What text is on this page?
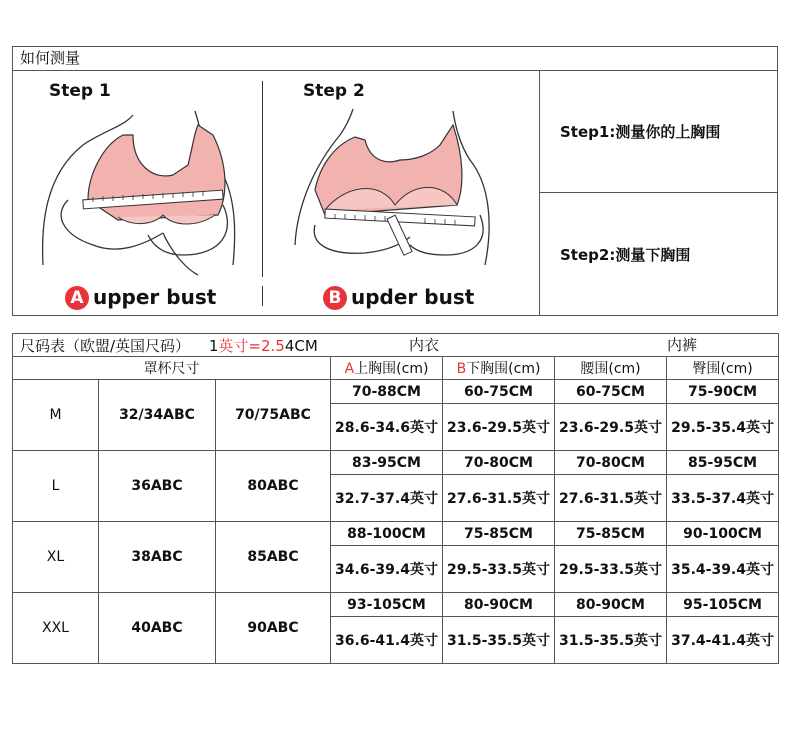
如何测量
Step 1
A upper bust
Step 2
B upder bust
Step1:测量你的上胸围
Step2:测量下胸围
尺码表（欧盟/英国尺码） 1英寸=2.54CM 内衣 内裤						

罩杯尺寸			A上胸围(cm)	B下胸围(cm)	腰围(cm)	臀围(cm)
M	32/34ABC	70/75ABC	70-88CM	60-75CM	60-75CM	75-90CM
			28.6-34.6英寸	23.6-29.5英寸	23.6-29.5英寸	29.5-35.4英寸
L	36ABC	80ABC	83-95CM	70-80CM	70-80CM	85-95CM
			32.7-37.4英寸	27.6-31.5英寸	27.6-31.5英寸	33.5-37.4英寸
XL	38ABC	85ABC	88-100CM	75-85CM	75-85CM	90-100CM
			34.6-39.4英寸	29.5-33.5英寸	29.5-33.5英寸	35.4-39.4英寸
XXL	40ABC	90ABC	93-105CM	80-90CM	80-90CM	95-105CM
			36.6-41.4英寸	31.5-35.5英寸	31.5-35.5英寸	37.4-41.4英寸
